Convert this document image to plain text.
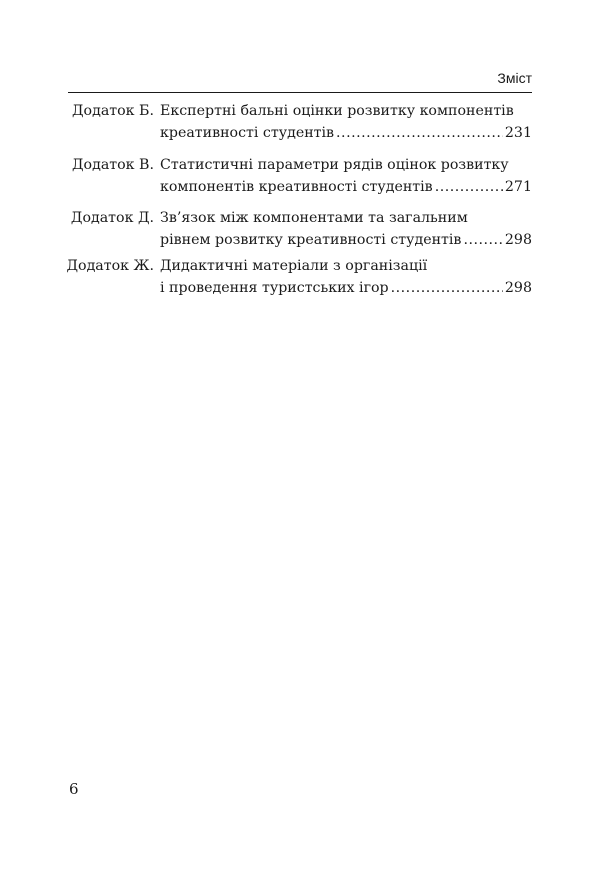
Зміст
Додаток Б. Експертні бальні оцінки розвитку компонентів
креативності студентів .....	231
Додаток В. Статистичні параметри рядів оцінок розвитку
компонентів креативності студентів .....	271
Додаток Д. Зв’язок між компонентами та загальним
рівнем розвитку креативності студентів .....	298
Додаток Ж. Дидактичні матеріали з організації
і проведення туристських ігор .....	298
6
